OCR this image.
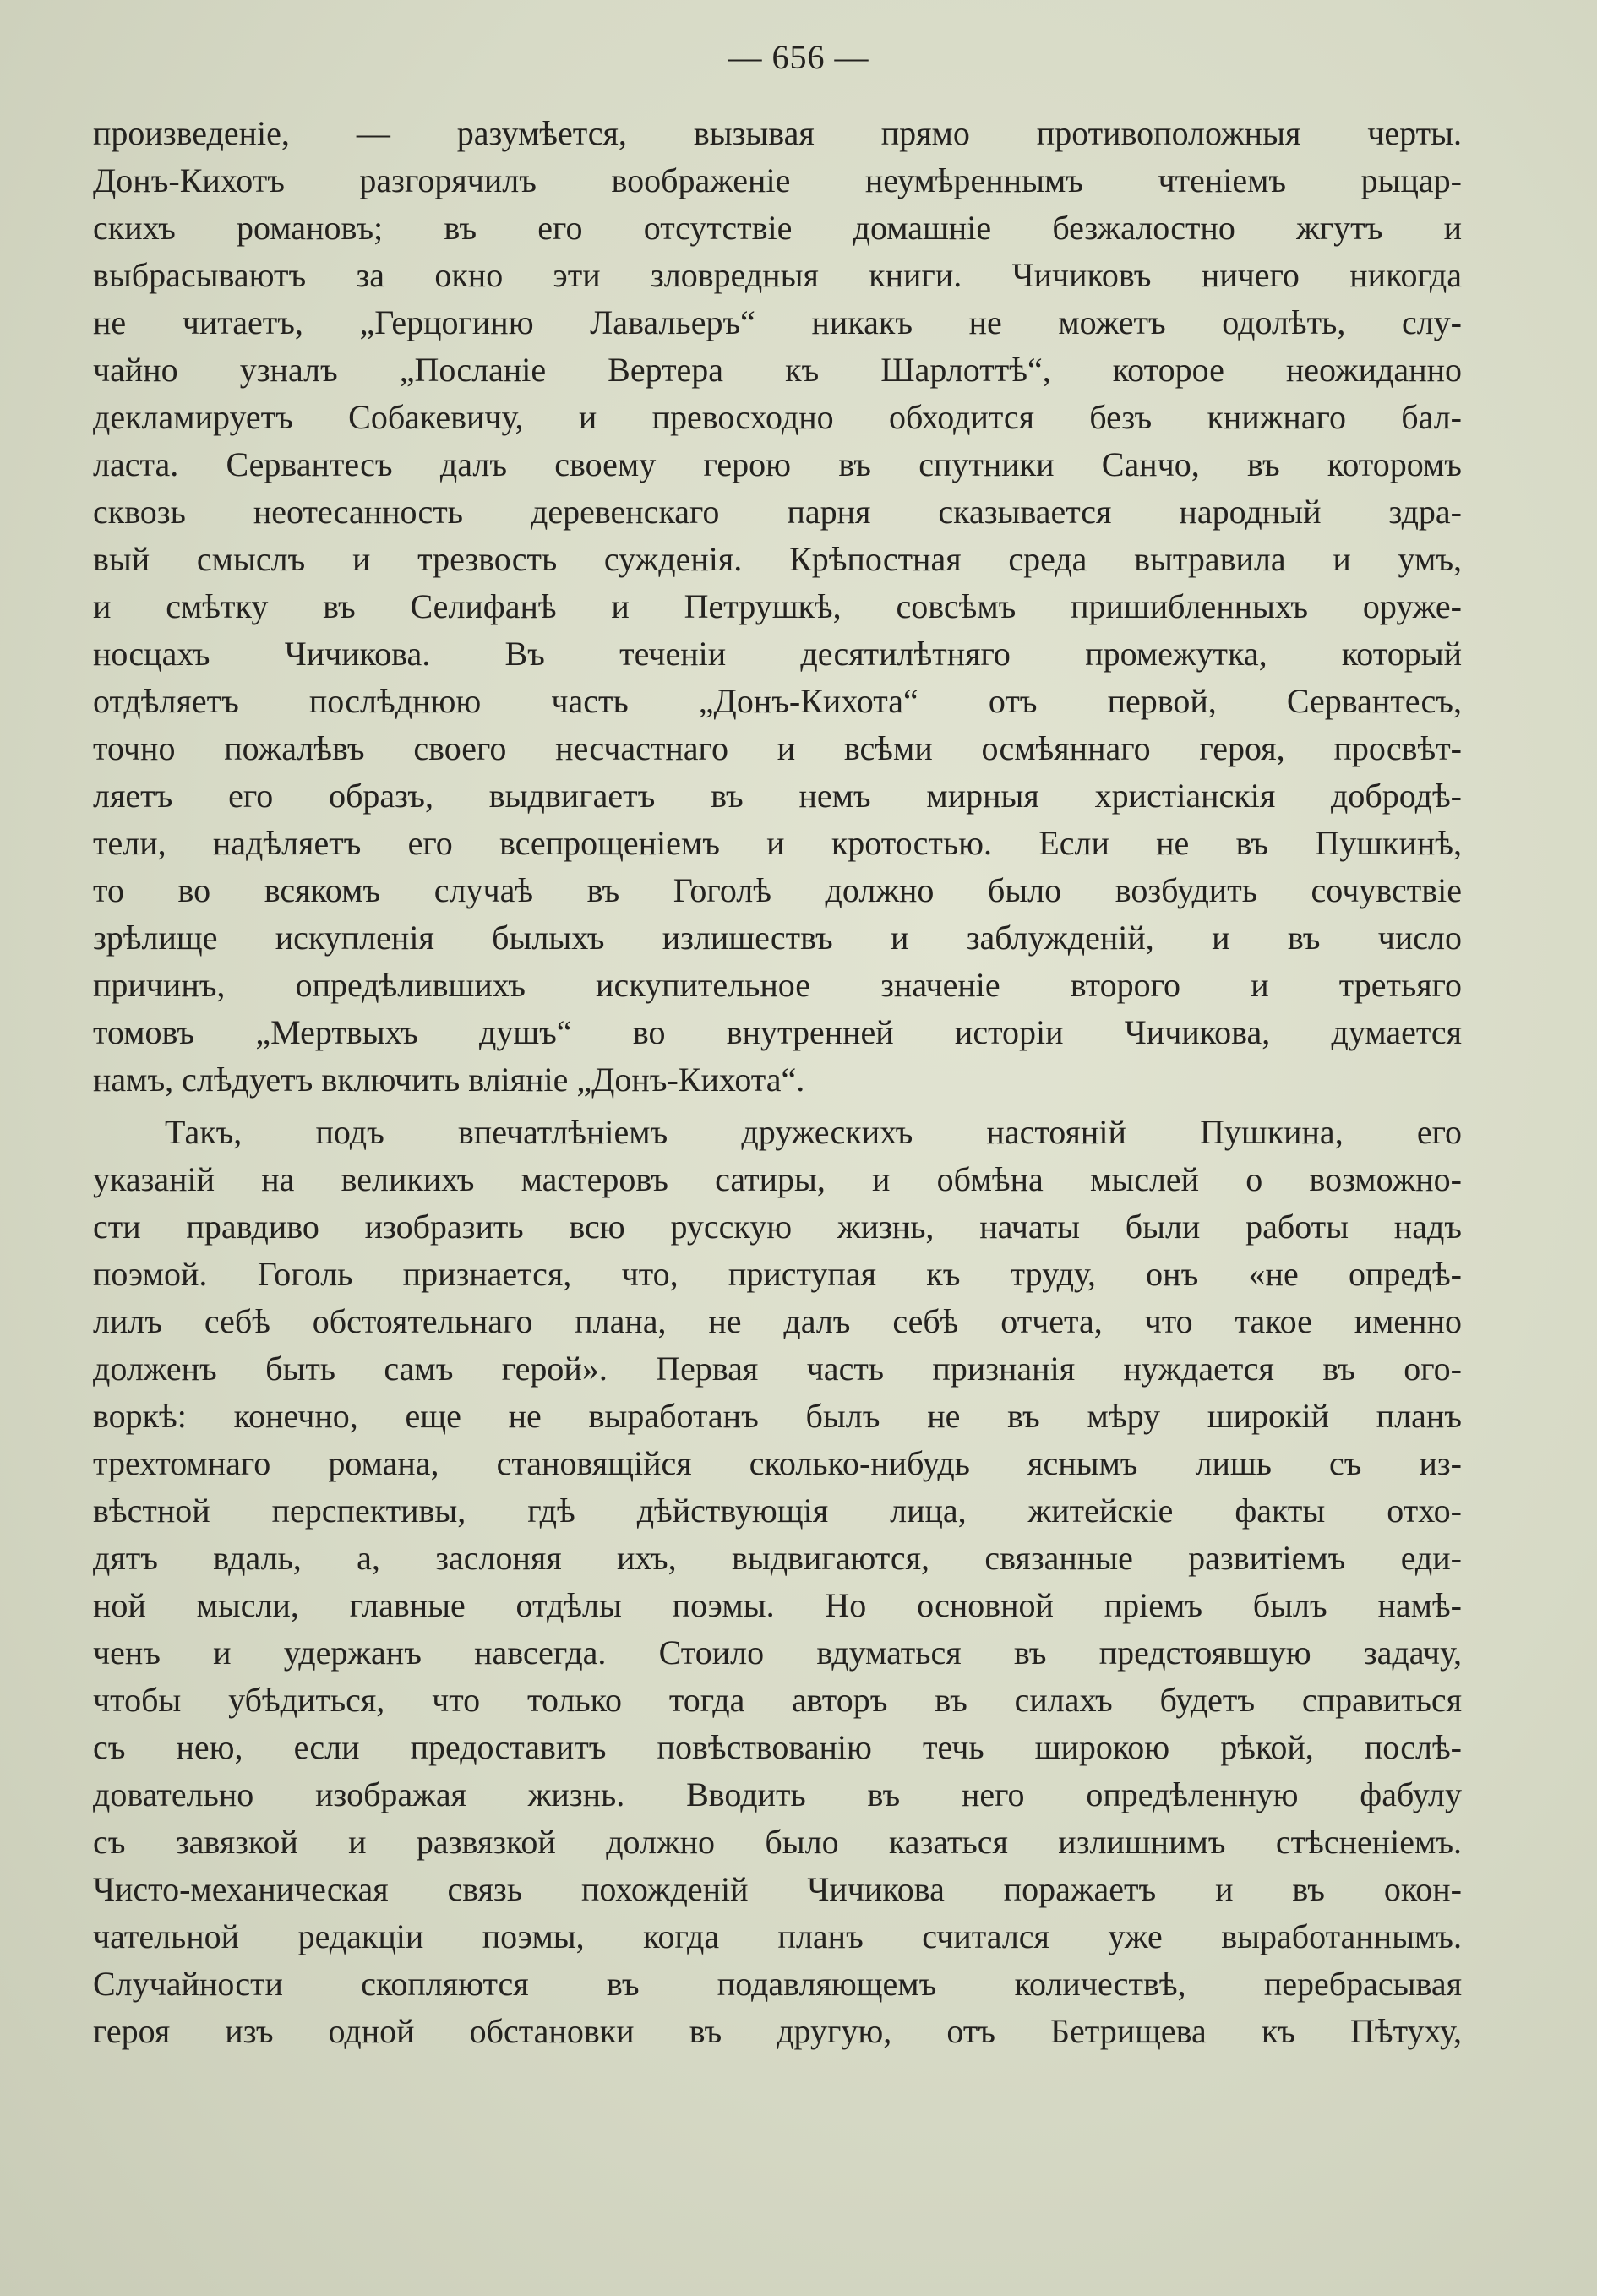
— 656 —
произведеніе, — разумѣется, вызывая прямо противоположныя черты.
Донъ-Кихотъ разгорячилъ воображеніе неумѣреннымъ чтеніемъ рыцар-
скихъ романовъ; въ его отсутствіе домашніе безжалостно жгутъ и
выбрасываютъ за окно эти зловредныя книги. Чичиковъ ничего никогда
не читаетъ, „Герцогиню Лавальеръ“ никакъ не можетъ одолѣть, слу-
чайно узналъ „Посланіе Вертера къ Шарлоттѣ“, которое неожиданно
декламируетъ Собакевичу, и превосходно обходится безъ книжнаго бал-
ласта. Сервантесъ далъ своему герою въ спутники Санчо, въ которомъ
сквозь неотесанность деревенскаго парня сказывается народный здра-
вый смыслъ и трезвость сужденія. Крѣпостная среда вытравила и умъ,
и смѣтку въ Селифанѣ и Петрушкѣ, совсѣмъ пришибленныхъ оруже-
носцахъ Чичикова. Въ теченіи десятилѣтняго промежутка, который
отдѣляетъ послѣднюю часть „Донъ-Кихота“ отъ первой, Сервантесъ,
точно пожалѣвъ своего несчастнаго и всѣми осмѣяннаго героя, просвѣт-
ляетъ его образъ, выдвигаетъ въ немъ мирныя христіанскія добродѣ-
тели, надѣляетъ его всепрощеніемъ и кротостью. Если не въ Пушкинѣ,
то во всякомъ случаѣ въ Гоголѣ должно было возбудить сочувствіе
зрѣлище искупленія былыхъ излишествъ и заблужденій, и въ число
причинъ, опредѣлившихъ искупительное значеніе второго и третьяго
томовъ „Мертвыхъ душъ“ во внутренней исторіи Чичикова, думается
намъ, слѣдуетъ включить вліяніе „Донъ-Кихота“.
Такъ, подъ впечатлѣніемъ дружескихъ настояній Пушкина, его
указаній на великихъ мастеровъ сатиры, и обмѣна мыслей о возможно-
сти правдиво изобразить всю русскую жизнь, начаты были работы надъ
поэмой. Гоголь признается, что, приступая къ труду, онъ «не опредѣ-
лилъ себѣ обстоятельнаго плана, не далъ себѣ отчета, что такое именно
долженъ быть самъ герой». Первая часть признанія нуждается въ ого-
воркѣ: конечно, еще не выработанъ былъ не въ мѣру широкій планъ
трехтомнаго романа, становящійся сколько-нибудь яснымъ лишь съ из-
вѣстной перспективы, гдѣ дѣйствующія лица, житейскіе факты отхо-
дятъ вдаль, а, заслоняя ихъ, выдвигаются, связанные развитіемъ еди-
ной мысли, главные отдѣлы поэмы. Но основной пріемъ былъ намѣ-
ченъ и удержанъ навсегда. Стоило вдуматься въ предстоявшую задачу,
чтобы убѣдиться, что только тогда авторъ въ силахъ будетъ справиться
съ нею, если предоставитъ повѣствованію течь широкою рѣкой, послѣ-
довательно изображая жизнь. Вводить въ него опредѣленную фабулу
съ завязкой и развязкой должно было казаться излишнимъ стѣсненіемъ.
Чисто-механическая связь похожденій Чичикова поражаетъ и въ окон-
чательной редакціи поэмы, когда планъ считался уже выработаннымъ.
Случайности скопляются въ подавляющемъ количествѣ, перебрасывая
героя изъ одной обстановки въ другую, отъ Бетрищева къ Пѣтуху,
